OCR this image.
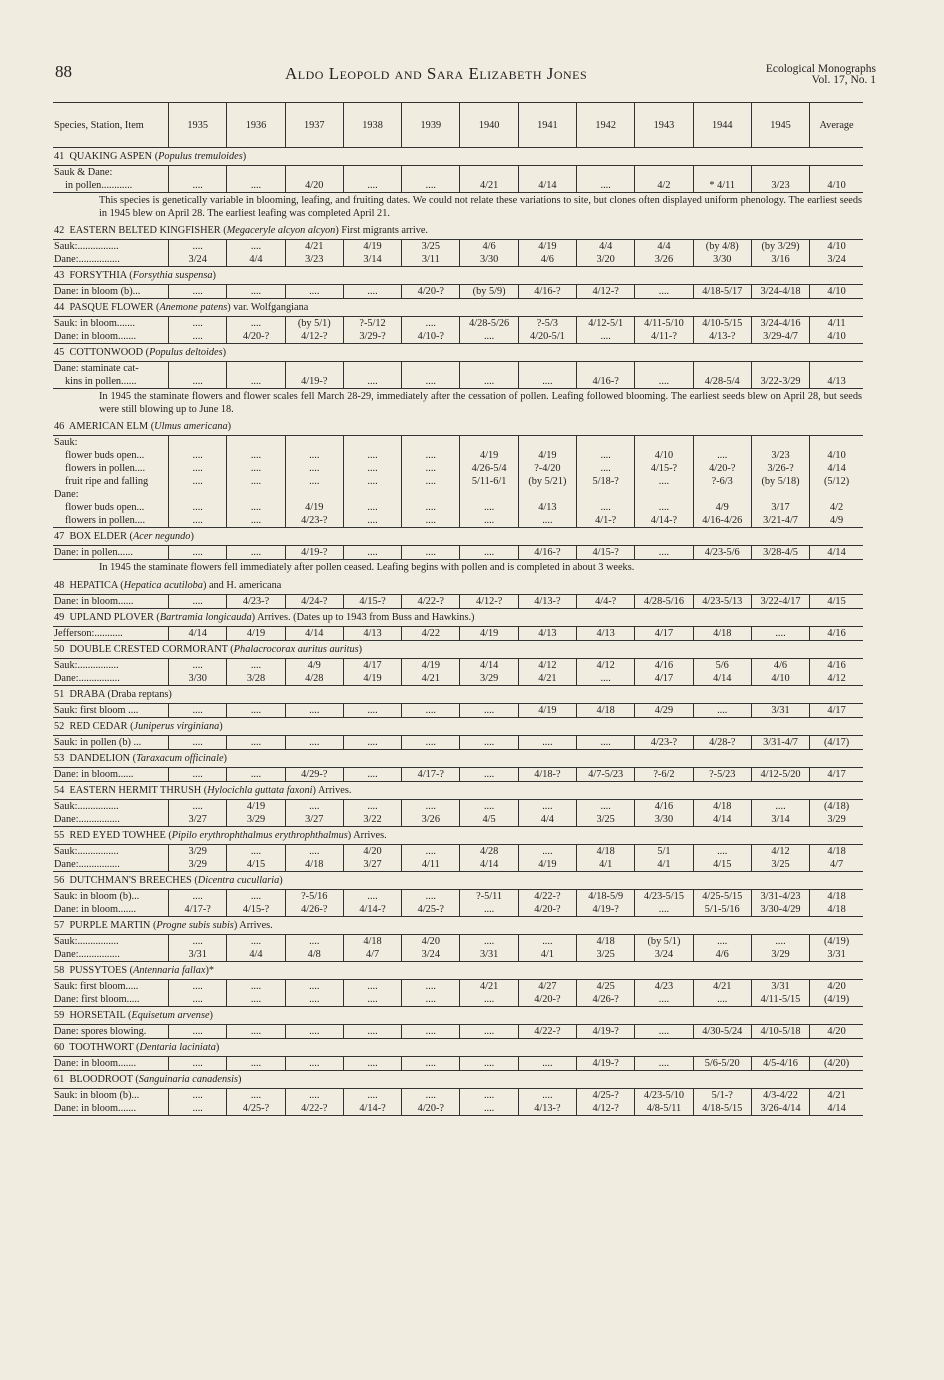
88	Aldo Leopold and Sara Elizabeth Jones	Ecological Monographs
Vol. 17, No. 1
Species, Station, Item	1935	1936	1937	1938	1939	1940	1941	1942	1943	1944	1945	Average
41 QUAKING ASPEN (Populus tremuloides)												
Sauk & Dane:												
in pollen............	....	....	4/20	....	....	4/21	4/14	....	4/2	* 4/11	3/23	4/10
This species is genetically variable in blooming, leafing, and fruiting dates. We could not relate these variations to site, but clones often displayed uniform phenology. The earliest seeds in 1945 blew on April 28. The earliest leafing was completed April 21.												
42 EASTERN BELTED KINGFISHER (Megaceryle alcyon alcyon) First migrants arrive.												
Sauk:................	....	....	4/21	4/19	3/25	4/6	4/19	4/4	4/4	(by 4/8)	(by 3/29)	4/10
Dane:................	3/24	4/4	3/23	3/14	3/11	3/30	4/6	3/20	3/26	3/30	3/16	3/24
43 FORSYTHIA (Forsythia suspensa)												
Dane: in bloom (b)...	....	....	....	....	4/20-?	(by 5/9)	4/16-?	4/12-?	....	4/18-5/17	3/24-4/18	4/10
44 PASQUE FLOWER (Anemone patens) var. Wolfgangiana												
Sauk: in bloom.......	....	....	(by 5/1)	?-5/12	....	4/28-5/26	?-5/3	4/12-5/1	4/11-5/10	4/10-5/15	3/24-4/16	4/11
Dane: in bloom.......	....	4/20-?	4/12-?	3/29-?	4/10-?	....	4/20-5/1	....	4/11-?	4/13-?	3/29-4/7	4/10
45 COTTONWOOD (Populus deltoides)												
Dane: staminate cat-												
kins in pollen......	....	....	4/19-?	....	....	....	....	4/16-?	....	4/28-5/4	3/22-3/29	4/13
In 1945 the staminate flowers and flower scales fell March 28-29, immediately after the cessation of pollen. Leafing followed blooming. The earliest seeds blew on April 28, but seeds were still blowing up to June 18.												
46 AMERICAN ELM (Ulmus americana)												
Sauk:												
flower buds open...	....	....	....	....	....	4/19	4/19	....	4/10	....	3/23	4/10
flowers in pollen....	....	....	....	....	....	4/26-5/4	?-4/20	....	4/15-?	4/20-?	3/26-?	4/14
fruit ripe and falling	....	....	....	....	....	5/11-6/1	(by 5/21)	5/18-?	....	?-6/3	(by 5/18)	(5/12)
Dane:												
flower buds open...	....	....	4/19	....	....	....	4/13	....	....	4/9	3/17	4/2
flowers in pollen....	....	....	4/23-?	....	....	....	....	4/1-?	4/14-?	4/16-4/26	3/21-4/7	4/9
47 BOX ELDER (Acer negundo)												
Dane: in pollen......	....	....	4/19-?	....	....	....	4/16-?	4/15-?	....	4/23-5/6	3/28-4/5	4/14
In 1945 the staminate flowers fell immediately after pollen ceased. Leafing begins with pollen and is completed in about 3 weeks.												
48 HEPATICA (Hepatica acutiloba) and H. americana												
Dane: in bloom......	....	4/23-?	4/24-?	4/15-?	4/22-?	4/12-?	4/13-?	4/4-?	4/28-5/16	4/23-5/13	3/22-4/17	4/15
49 UPLAND PLOVER (Bartramia longicauda) Arrives. (Dates up to 1943 from Buss and Hawkins.)												
Jefferson:...........	4/14	4/19	4/14	4/13	4/22	4/19	4/13	4/13	4/17	4/18	....	4/16
50 DOUBLE CRESTED CORMORANT (Phalacrocorax auritus auritus)												
Sauk:................	....	....	4/9	4/17	4/19	4/14	4/12	4/12	4/16	5/6	4/6	4/16
Dane:................	3/30	3/28	4/28	4/19	4/21	3/29	4/21	....	4/17	4/14	4/10	4/12
51 DRABA (Draba reptans)												
Sauk: first bloom ....	....	....	....	....	....	....	4/19	4/18	4/29	....	3/31	4/17
52 RED CEDAR (Juniperus virginiana)												
Sauk: in pollen (b) ...	....	....	....	....	....	....	....	....	4/23-?	4/28-?	3/31-4/7	(4/17)
53 DANDELION (Taraxacum officinale)												
Dane: in bloom......	....	....	4/29-?	....	4/17-?	....	4/18-?	4/7-5/23	?-6/2	?-5/23	4/12-5/20	4/17
54 EASTERN HERMIT THRUSH (Hylocichla guttata faxoni) Arrives.												
Sauk:................	....	4/19	....	....	....	....	....	....	4/16	4/18	....	(4/18)
Dane:................	3/27	3/29	3/27	3/22	3/26	4/5	4/4	3/25	3/30	4/14	3/14	3/29
55 RED EYED TOWHEE (Pipilo erythrophthalmus erythrophthalmus) Arrives.												
Sauk:................	3/29	....	....	4/20	....	4/28	....	4/18	5/1	....	4/12	4/18
Dane:................	3/29	4/15	4/18	3/27	4/11	4/14	4/19	4/1	4/1	4/15	3/25	4/7
56 DUTCHMAN'S BREECHES (Dicentra cucullaria)												
Sauk: in bloom (b)...	....	....	?-5/16	....	....	?-5/11	4/22-?	4/18-5/9	4/23-5/15	4/25-5/15	3/31-4/23	4/18
Dane: in bloom.......	4/17-?	4/15-?	4/26-?	4/14-?	4/25-?	....	4/20-?	4/19-?	....	5/1-5/16	3/30-4/29	4/18
57 PURPLE MARTIN (Progne subis subis) Arrives.												
Sauk:................	....	....	....	4/18	4/20	....	....	4/18	(by 5/1)	....	....	(4/19)
Dane:................	3/31	4/4	4/8	4/7	3/24	3/31	4/1	3/25	3/24	4/6	3/29	3/31
58 PUSSYTOES (Antennaria fallax)*												
Sauk: first bloom.....	....	....	....	....	....	4/21	4/27	4/25	4/23	4/21	3/31	4/20
Dane: first bloom.....	....	....	....	....	....	....	4/20-?	4/26-?	....	....	4/11-5/15	(4/19)
59 HORSETAIL (Equisetum arvense)												
Dane: spores blowing.	....	....	....	....	....	....	4/22-?	4/19-?	....	4/30-5/24	4/10-5/18	4/20
60 TOOTHWORT (Dentaria laciniata)												
Dane: in bloom.......	....	....	....	....	....	....	....	4/19-?	....	5/6-5/20	4/5-4/16	(4/20)
61 BLOODROOT (Sanguinaria canadensis)												
Sauk: in bloom (b)...	....	....	....	....	....	....	....	4/25-?	4/23-5/10	5/1-?	4/3-4/22	4/21
Dane: in bloom.......	....	4/25-?	4/22-?	4/14-?	4/20-?	....	4/13-?	4/12-?	4/8-5/11	4/18-5/15	3/26-4/14	4/14
